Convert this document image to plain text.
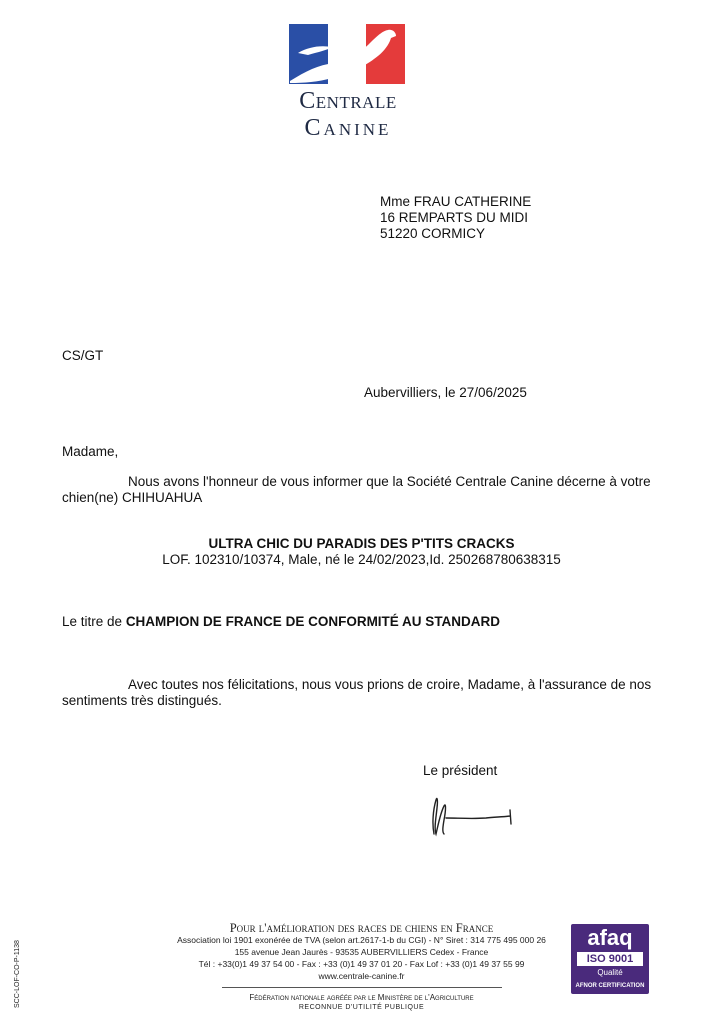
Centrale
Canine
Mme FRAU CATHERINE
16 REMPARTS DU MIDI
51220 CORMICY
CS/GT
Aubervilliers, le 27/06/2025
Madame,
Nous avons l'honneur de vous informer que la Société Centrale Canine décerne à votre
chien(ne) CHIHUAHUA
ULTRA CHIC DU PARADIS DES P'TITS CRACKS
LOF. 102310/10374, Male, né le 24/02/2023,Id. 250268780638315
Le titre de CHAMPION DE FRANCE DE CONFORMITÉ AU STANDARD
Avec toutes nos félicitations, nous vous prions de croire, Madame, à l'assurance de nos
sentiments très distingués.
Le président
Pour l'amélioration des races de chiens en France
Association loi 1901 exonérée de TVA (selon art.2617-1-b du CGI) - N° Siret : 314 775 495 000 26
155 avenue Jean Jaurès - 93535 AUBERVILLIERS Cedex - France
Tél : +33(0)1 49 37 54 00 - Fax : +33 (0)1 49 37 01 20 - Fax Lof : +33 (0)1 49 37 55 99
www.centrale-canine.fr
Fédération nationale agréée par le Ministère de l'Agriculture
RECONNUE D'UTILITÉ PUBLIQUE
SCC-LOF-CO-P-1138
afaq
ISO 9001
Qualité
AFNOR CERTIFICATION
